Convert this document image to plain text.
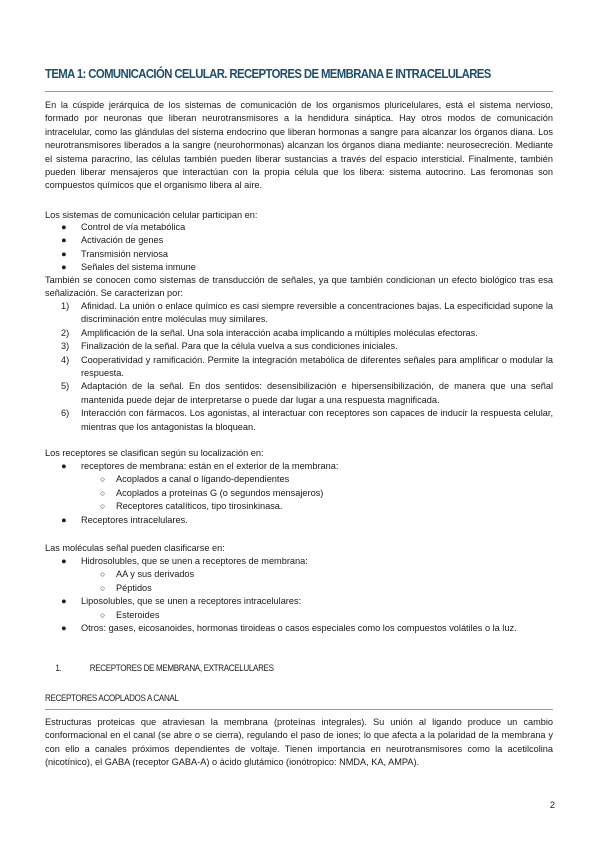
TEMA 1: COMUNICACIÓN CELULAR. RECEPTORES DE MEMBRANA E INTRACELULARES

En la cúspide jerárquica de los sistemas de comunicación de los organismos pluricelulares, está el sistema nervioso, formado por neuronas que liberan neurotransmisores a la hendidura sináptica. Hay otros modos de comunicación intracelular, como las glándulas del sistema endocrino que liberan hormonas a sangre para alcanzar los órganos diana. Los neurotransmisores liberados a la sangre (neurohormonas) alcanzan los órganos diana mediante: neurosecreción. Mediante el sistema paracrino, las células también pueden liberar sustancias a través del espacio intersticial. Finalmente, también pueden liberar mensajeros que interactúan con la propia célula que los libera: sistema autocrino. Las feromonas son compuestos químicos que el organismo libera al aire.

Los sistemas de comunicación celular participan en:

● Control de vía metabólica
● Activación de genes
● Transmisión nerviosa
● Señales del sistema inmune

También se conocen como sistemas de transducción de señales, ya que también condicionan un efecto biológico tras esa señalización. Se caracterizan por:

1) Afinidad. La unión o enlace químico es casi siempre reversible a concentraciones bajas. La especificidad supone la discriminación entre moléculas muy similares.
2) Amplificación de la señal. Una sola interacción acaba implicando a múltiples moléculas efectoras.
3) Finalización de la señal. Para que la célula vuelva a sus condiciones iniciales.
4) Cooperatividad y ramificación. Permite la integración metabólica de diferentes señales para amplificar o modular la respuesta.
5) Adaptación de la señal. En dos sentidos: desensibilización e hipersensibilización, de manera que una señal mantenida puede dejar de interpretarse o puede dar lugar a una respuesta magnificada.
6) Interacción con fármacos. Los agonistas, al interactuar con receptores son capaces de inducir la respuesta celular, mientras que los antagonistas la bloquean.

Los receptores se clasifican según su localización en:

● receptores de membrana: están en el exterior de la membrana:
○ Acoplados a canal o ligando-dependientes
○ Acoplados a proteínas G (o segundos mensajeros)
○ Receptores catalíticos, tipo tirosinkinasa.
● Receptores intracelulares.

Las moléculas señal pueden clasificarse en:

● Hidrosolubles, que se unen a receptores de membrana:
○ AA y sus derivados
○ Péptidos
● Liposolubles, que se unen a receptores intracelulares:
○ Esteroides
● Otros: gases, eicosanoides, hormonas tiroideas o casos especiales como los compuestos volátiles o la luz.
1.	RECEPTORES DE MEMBRANA, EXTRACELULARES
RECEPTORES ACOPLADOS A CANAL

Estructuras proteicas que atraviesan la membrana (proteínas integrales). Su unión al ligando produce un cambio conformacional en el canal (se abre o se cierra), regulando el paso de iones; lo que afecta a la polaridad de la membrana y con ello a canales próximos dependientes de voltaje. Tienen importancia en neurotransmisores como la acetilcolina (nicotínico), el GABA (receptor GABA-A) o ácido glutámico (ionótropico: NMDA, KA, AMPA).

2
